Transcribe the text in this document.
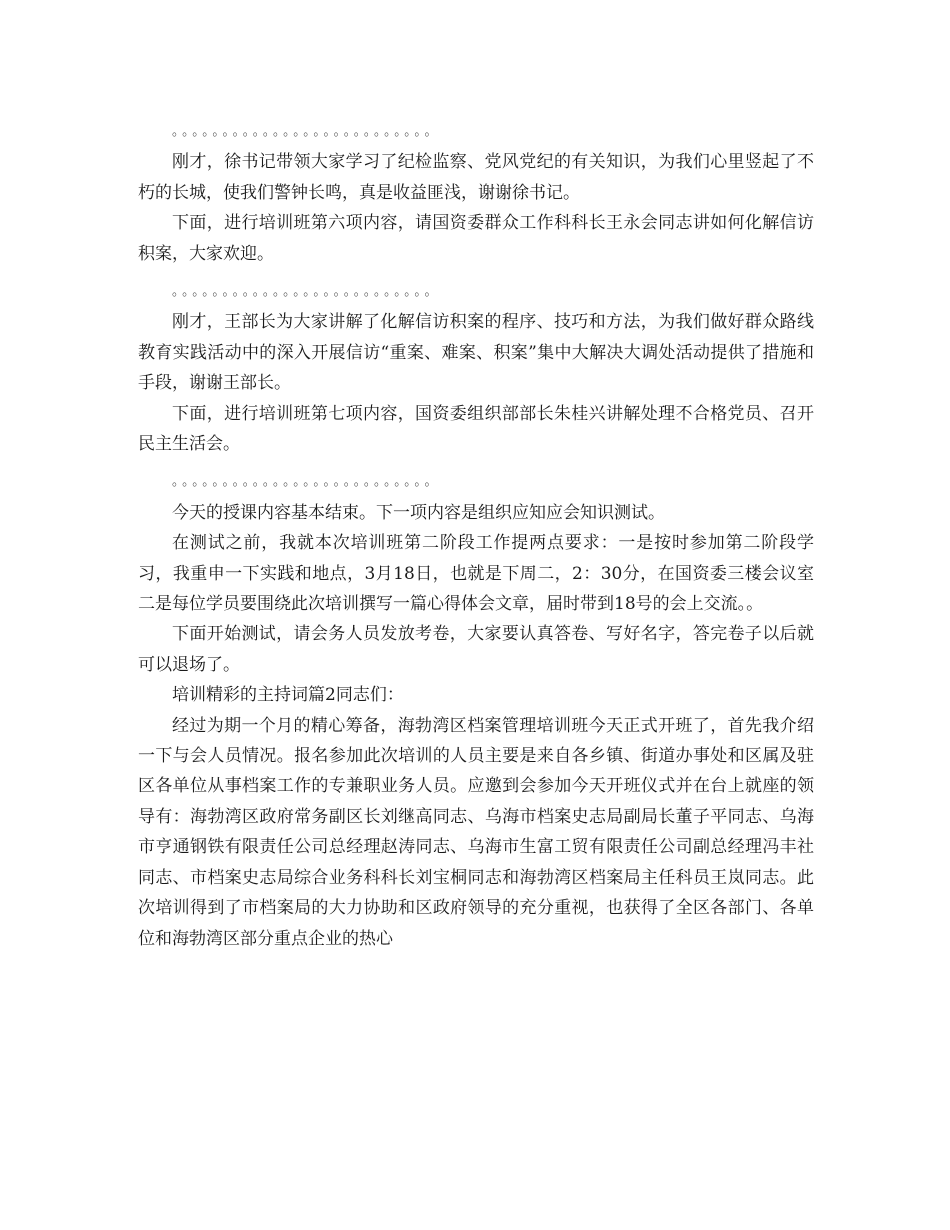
。。。。。。。。。。。。。。。。。。。。。。。。。。

刚才，徐书记带领大家学习了纪检监察、党风党纪的有关知识，为我们心里竖起了不朽的长城，使我们警钟长鸣，真是收益匪浅，谢谢徐书记。

下面，进行培训班第六项内容，请国资委群众工作科科长王永会同志讲如何化解信访积案，大家欢迎。

。。。。。。。。。。。。。。。。。。。。。。。。。。

刚才，王部长为大家讲解了化解信访积案的程序、技巧和方法，为我们做好群众路线教育实践活动中的深入开展信访“重案、难案、积案”集中大解决大调处活动提供了措施和手段，谢谢王部长。

下面，进行培训班第七项内容，国资委组织部部长朱桂兴讲解处理不合格党员、召开民主生活会。

。。。。。。。。。。。。。。。。。。。。。。。。。。

今天的授课内容基本结束。下一项内容是组织应知应会知识测试。

在测试之前，我就本次培训班第二阶段工作提两点要求：一是按时参加第二阶段学习，我重申一下实践和地点，3月18日，也就是下周二，2：30分，在国资委三楼会议室二是每位学员要围绕此次培训撰写一篇心得体会文章，届时带到18号的会上交流。。

下面开始测试，请会务人员发放考卷，大家要认真答卷、写好名字，答完卷子以后就可以退场了。

培训精彩的主持词篇2同志们：

经过为期一个月的精心筹备，海勃湾区档案管理培训班今天正式开班了，首先我介绍一下与会人员情况。报名参加此次培训的人员主要是来自各乡镇、街道办事处和区属及驻区各单位从事档案工作的专兼职业务人员。应邀到会参加今天开班仪式并在台上就座的领导有：海勃湾区政府常务副区长刘继高同志、乌海市档案史志局副局长董子平同志、乌海市亨通钢铁有限责任公司总经理赵涛同志、乌海市生富工贸有限责任公司副总经理冯丰社同志、市档案史志局综合业务科科长刘宝桐同志和海勃湾区档案局主任科员王岚同志。此次培训得到了市档案局的大力协助和区政府领导的充分重视，也获得了全区各部门、各单位和海勃湾区部分重点企业的热心
